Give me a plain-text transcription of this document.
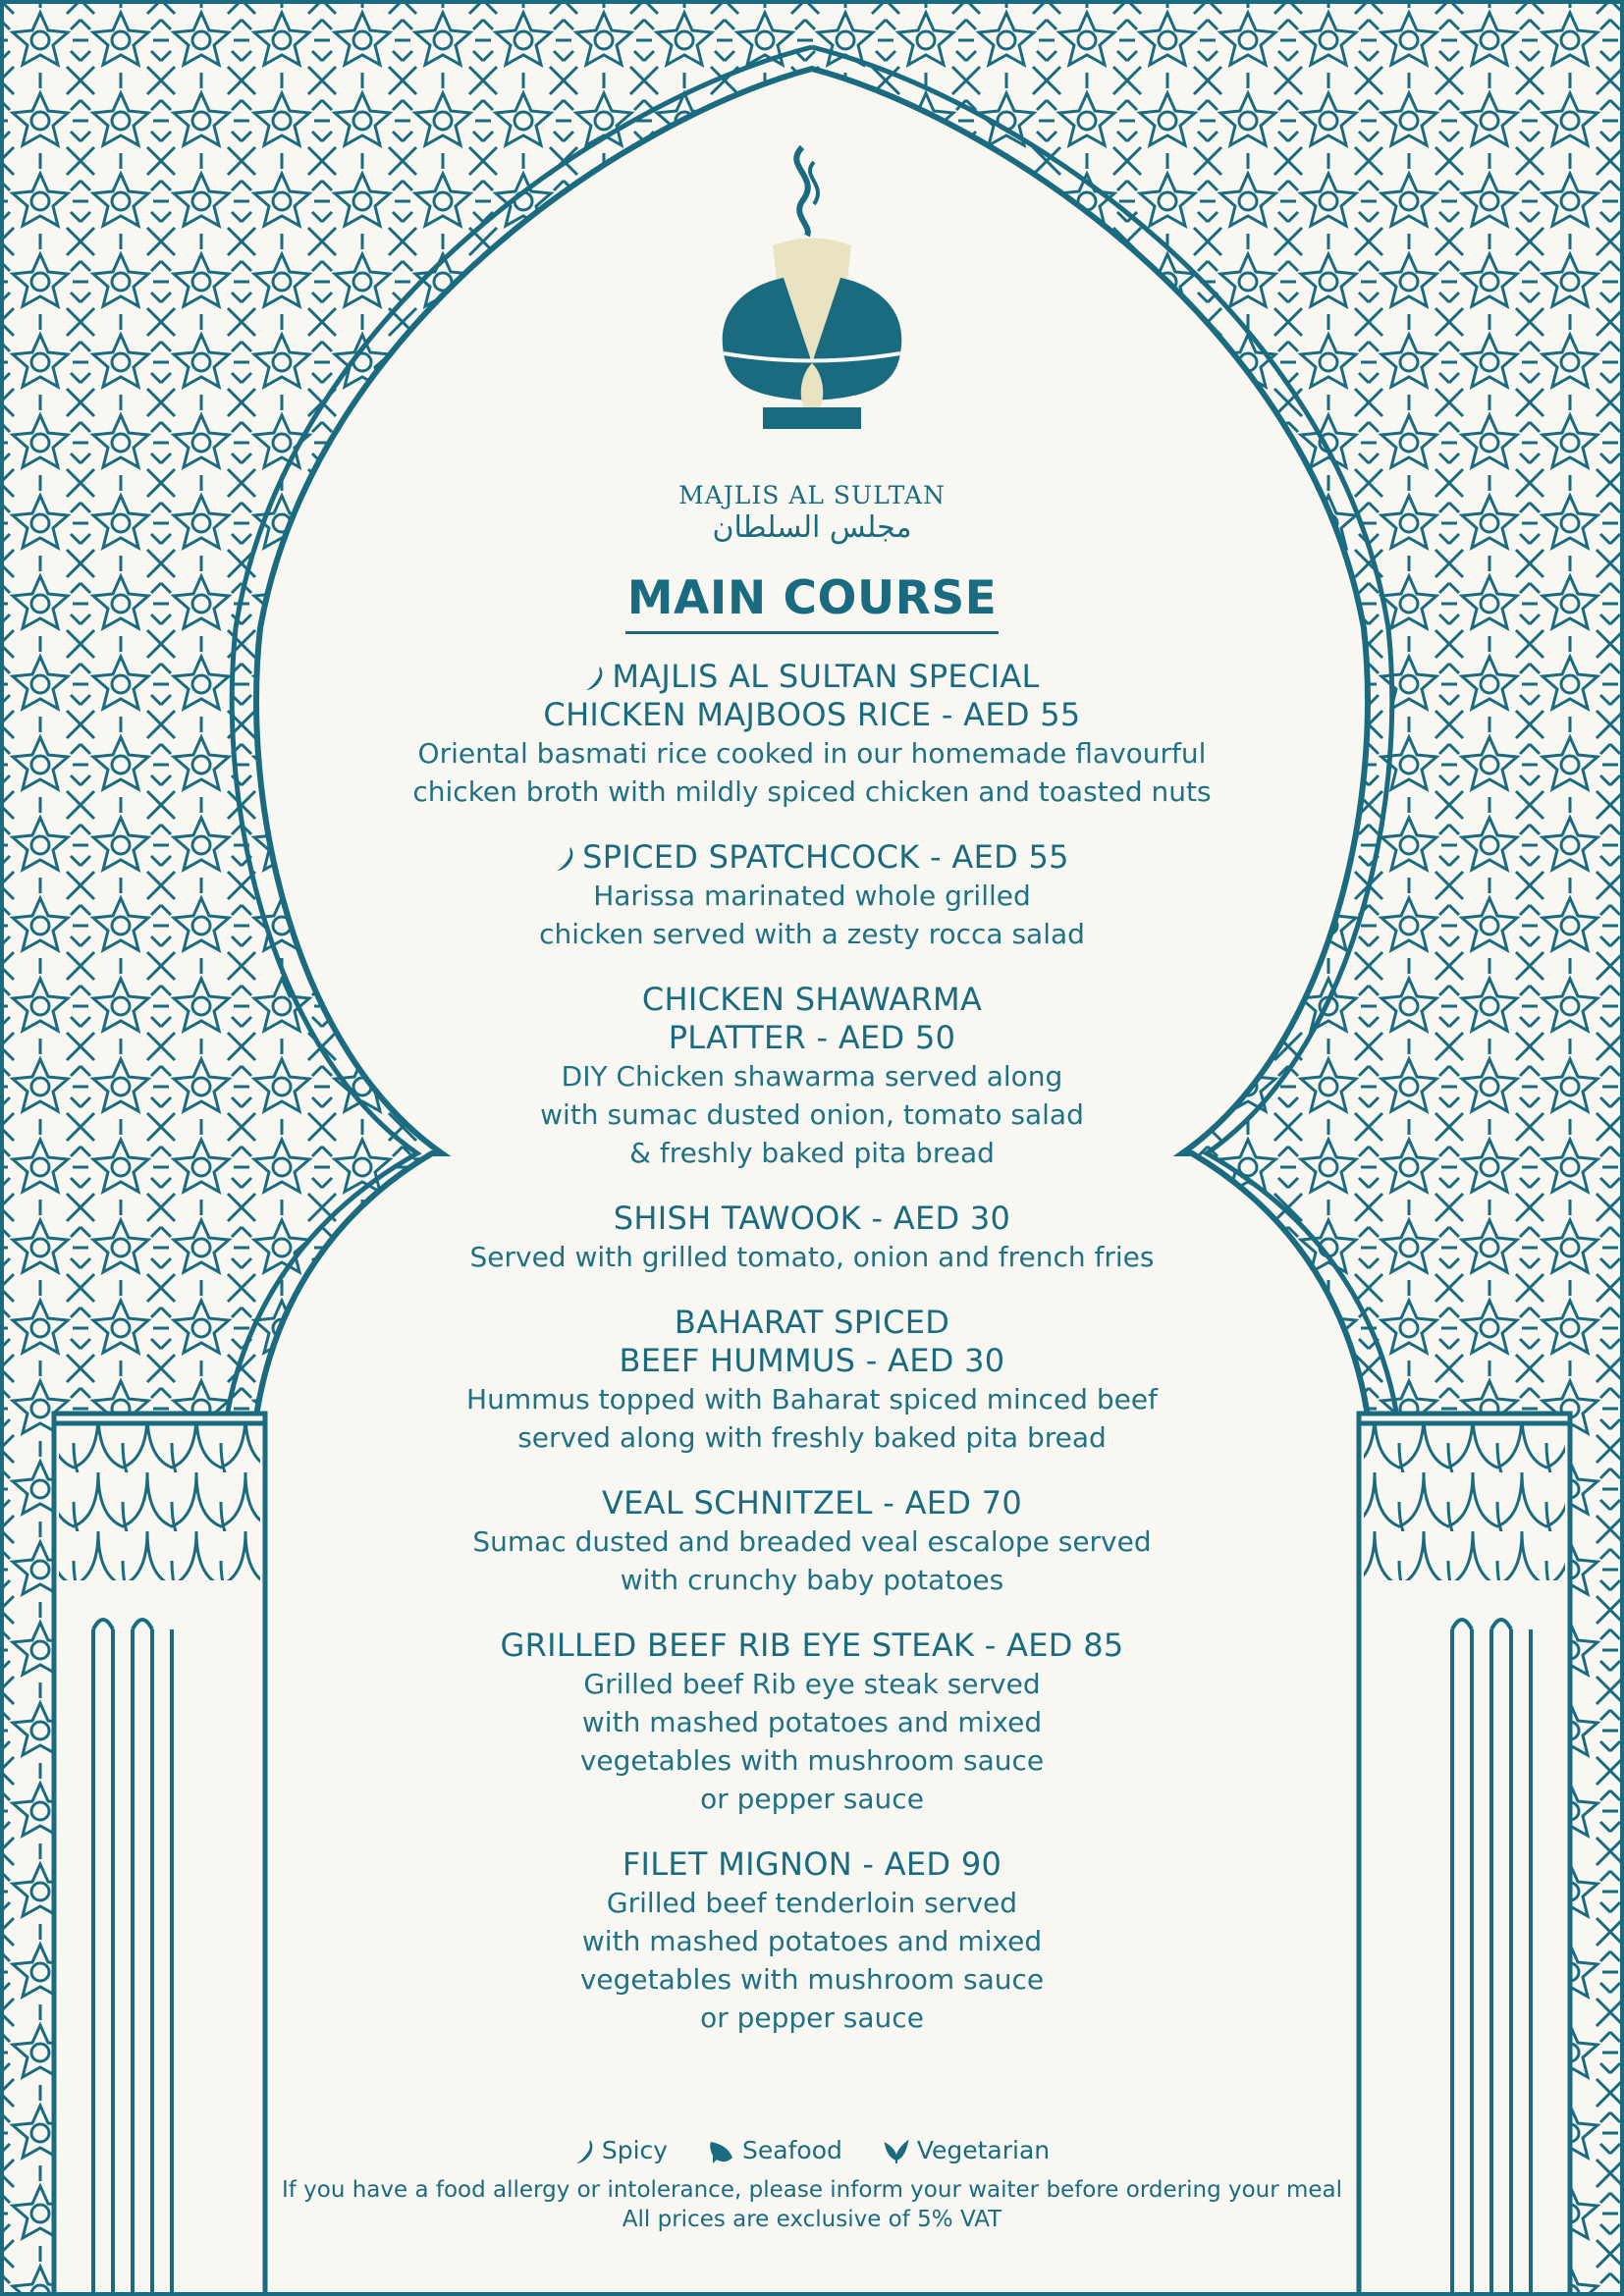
MAJLIS AL SULTAN
مجلس السلطان
MAIN COURSE
MAJLIS AL SULTAN SPECIAL
CHICKEN MAJBOOS RICE - AED 55
Oriental basmati rice cooked in our homemade flavourful
chicken broth with mildly spiced chicken and toasted nuts
SPICED SPATCHCOCK - AED 55
Harissa marinated whole grilled
chicken served with a zesty rocca salad
CHICKEN SHAWARMA
PLATTER - AED 50
DIY Chicken shawarma served along
with sumac dusted onion, tomato salad
& freshly baked pita bread
SHISH TAWOOK - AED 30
Served with grilled tomato, onion and french fries
BAHARAT SPICED
BEEF HUMMUS - AED 30
Hummus topped with Baharat spiced minced beef
served along with freshly baked pita bread
VEAL SCHNITZEL - AED 70
Sumac dusted and breaded veal escalope served
with crunchy baby potatoes
GRILLED BEEF RIB EYE STEAK - AED 85
Grilled beef Rib eye steak served
with mashed potatoes and mixed
vegetables with mushroom sauce
or pepper sauce
FILET MIGNON - AED 90
Grilled beef tenderloin served
with mashed potatoes and mixed
vegetables with mushroom sauce
or pepper sauce
Spicy	Seafood	Vegetarian
If you have a food allergy or intolerance, please inform your waiter before ordering your meal
All prices are exclusive of 5% VAT
